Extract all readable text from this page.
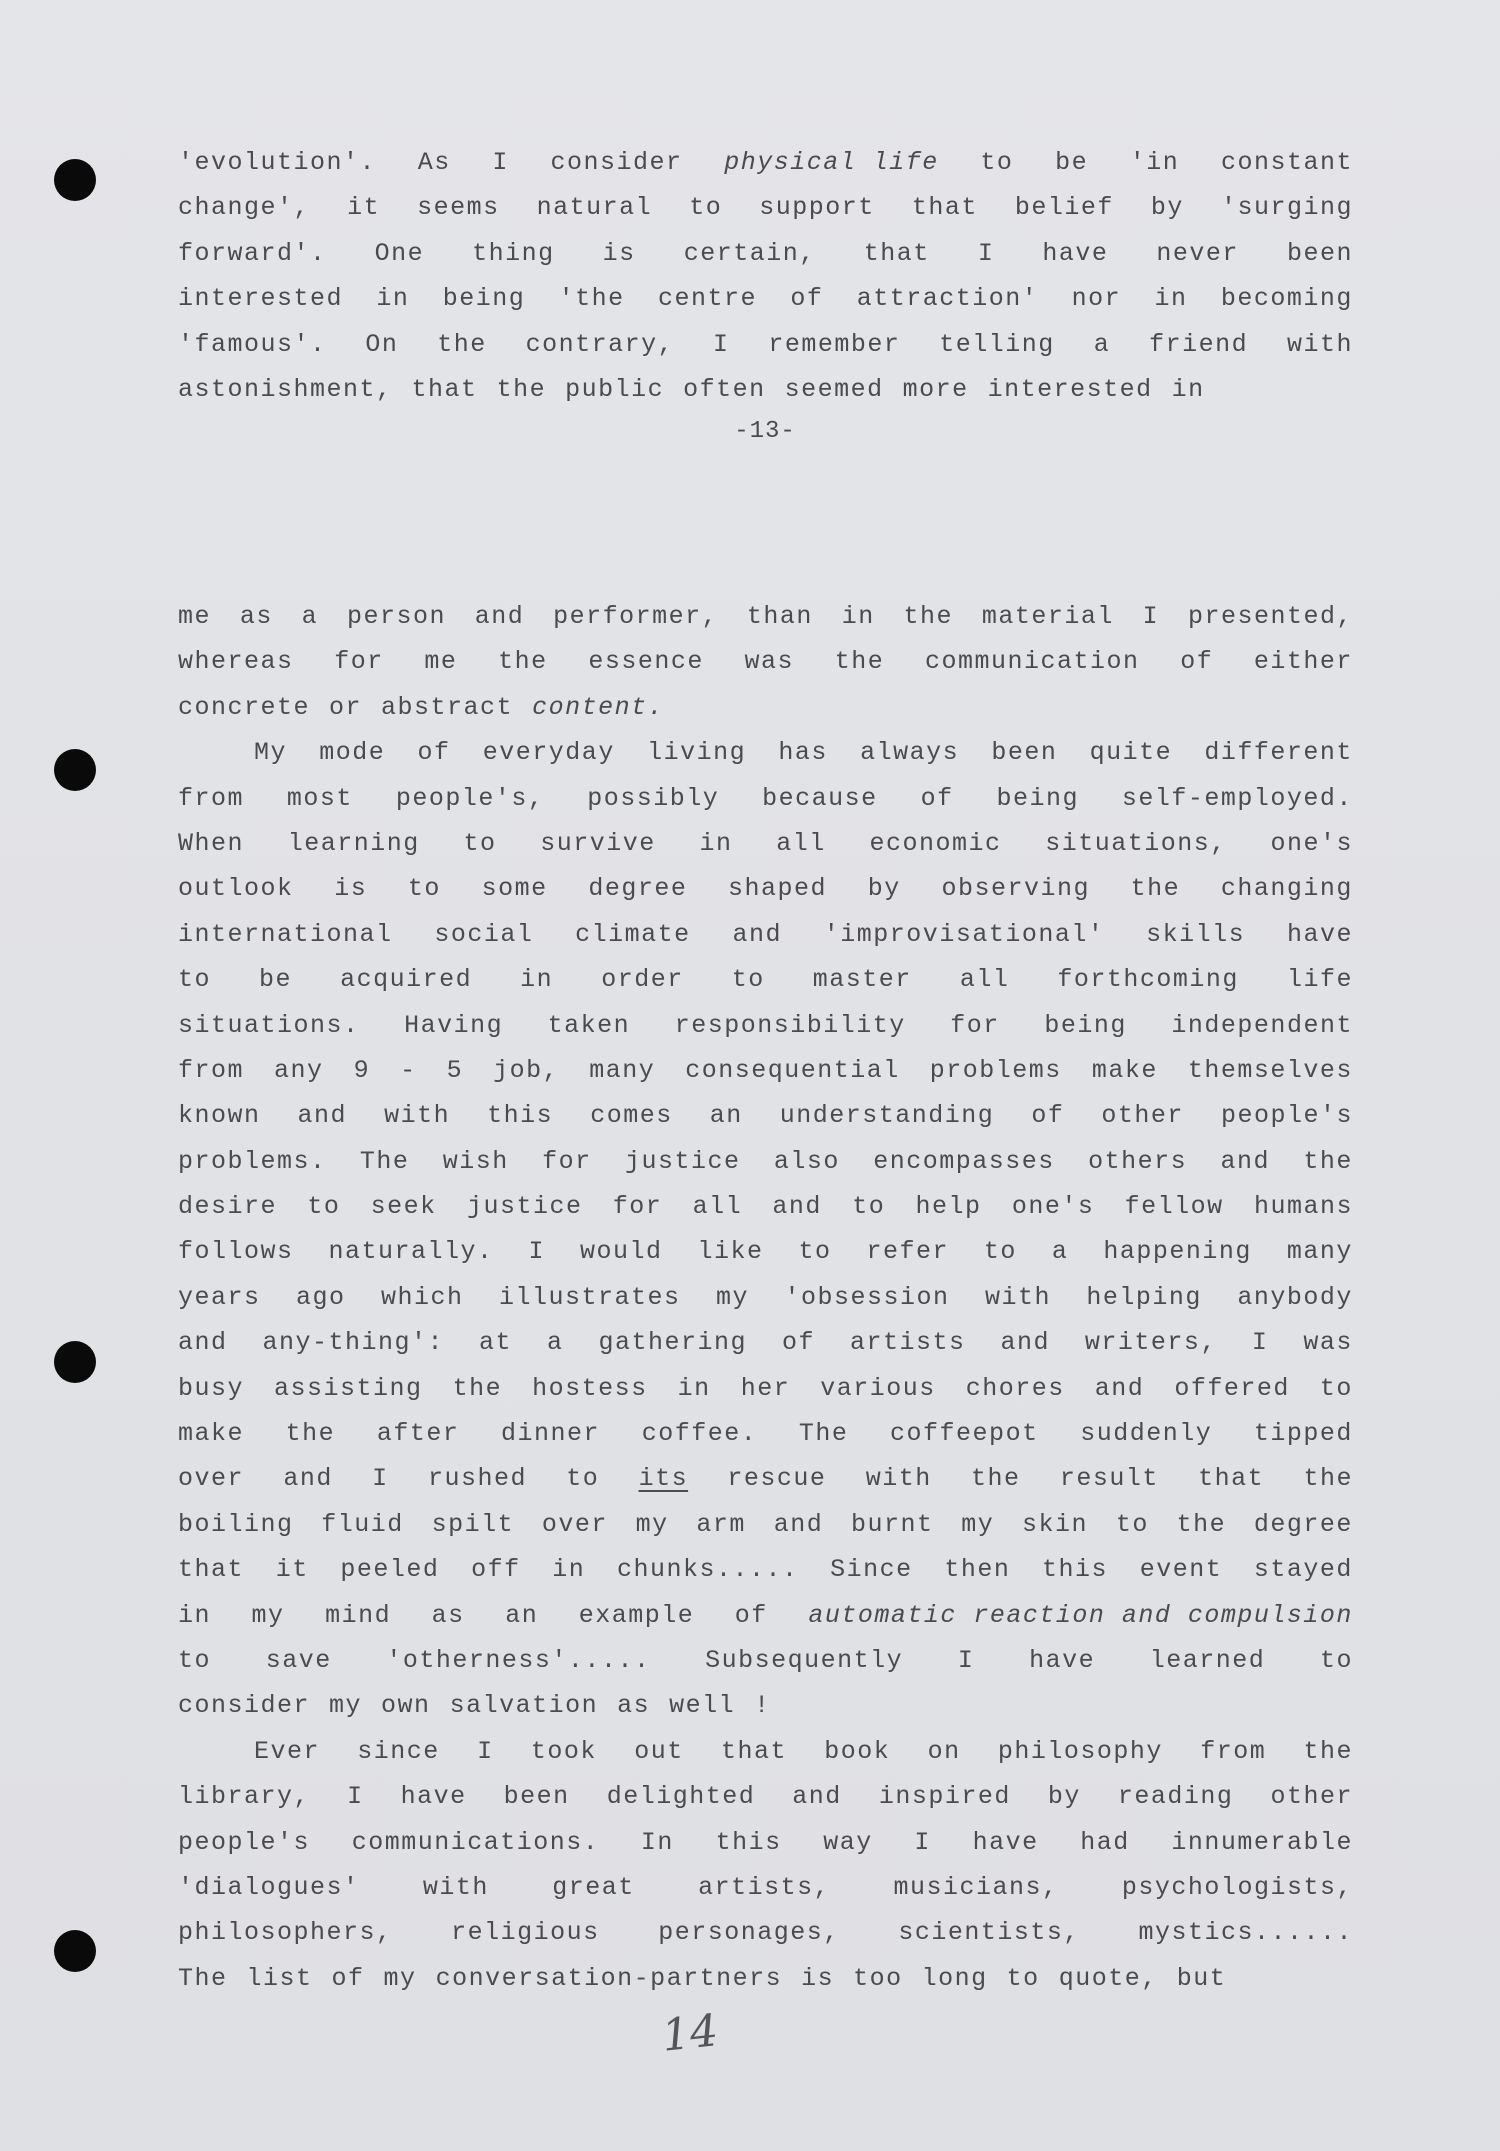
'evolution'. As I consider physical life to be 'in constant
change', it seems natural to support that belief by 'surging
forward'. One thing is certain, that I have never been
interested in being 'the centre of attraction' nor in becoming
'famous'. On the contrary, I remember telling a friend with
astonishment, that the public often seemed more interested in
-13-
me as a person and performer, than in the material I presented,
whereas for me the essence was the communication of either
concrete or abstract content.
My mode of everyday living has always been quite different
from most people's, possibly because of being self-employed.
When learning to survive in all economic situations, one's
outlook is to some degree shaped by observing the changing
international social climate and 'improvisational' skills have
to be acquired in order to master all forthcoming life
situations. Having taken responsibility for being independent
from any 9 - 5 job, many consequential problems make themselves
known and with this comes an understanding of other people's
problems. The wish for justice also encompasses others and the
desire to seek justice for all and to help one's fellow humans
follows naturally. I would like to refer to a happening many
years ago which illustrates my 'obsession with helping anybody
and any-thing': at a gathering of artists and writers, I was
busy assisting the hostess in her various chores and offered to
make the after dinner coffee. The coffeepot suddenly tipped
over and I rushed to its rescue with the result that the
boiling fluid spilt over my arm and burnt my skin to the degree
that it peeled off in chunks..... Since then this event stayed
in my mind as an example of automatic reaction and compulsion
to save 'otherness'..... Subsequently I have learned to
consider my own salvation as well !
Ever since I took out that book on philosophy from the
library, I have been delighted and inspired by reading other
people's communications. In this way I have had innumerable
'dialogues'	with	great	artists,	musicians,	psychologists,
philosophers, religious personages, scientists, mystics......
The list of my conversation-partners is too long to quote, but
14
